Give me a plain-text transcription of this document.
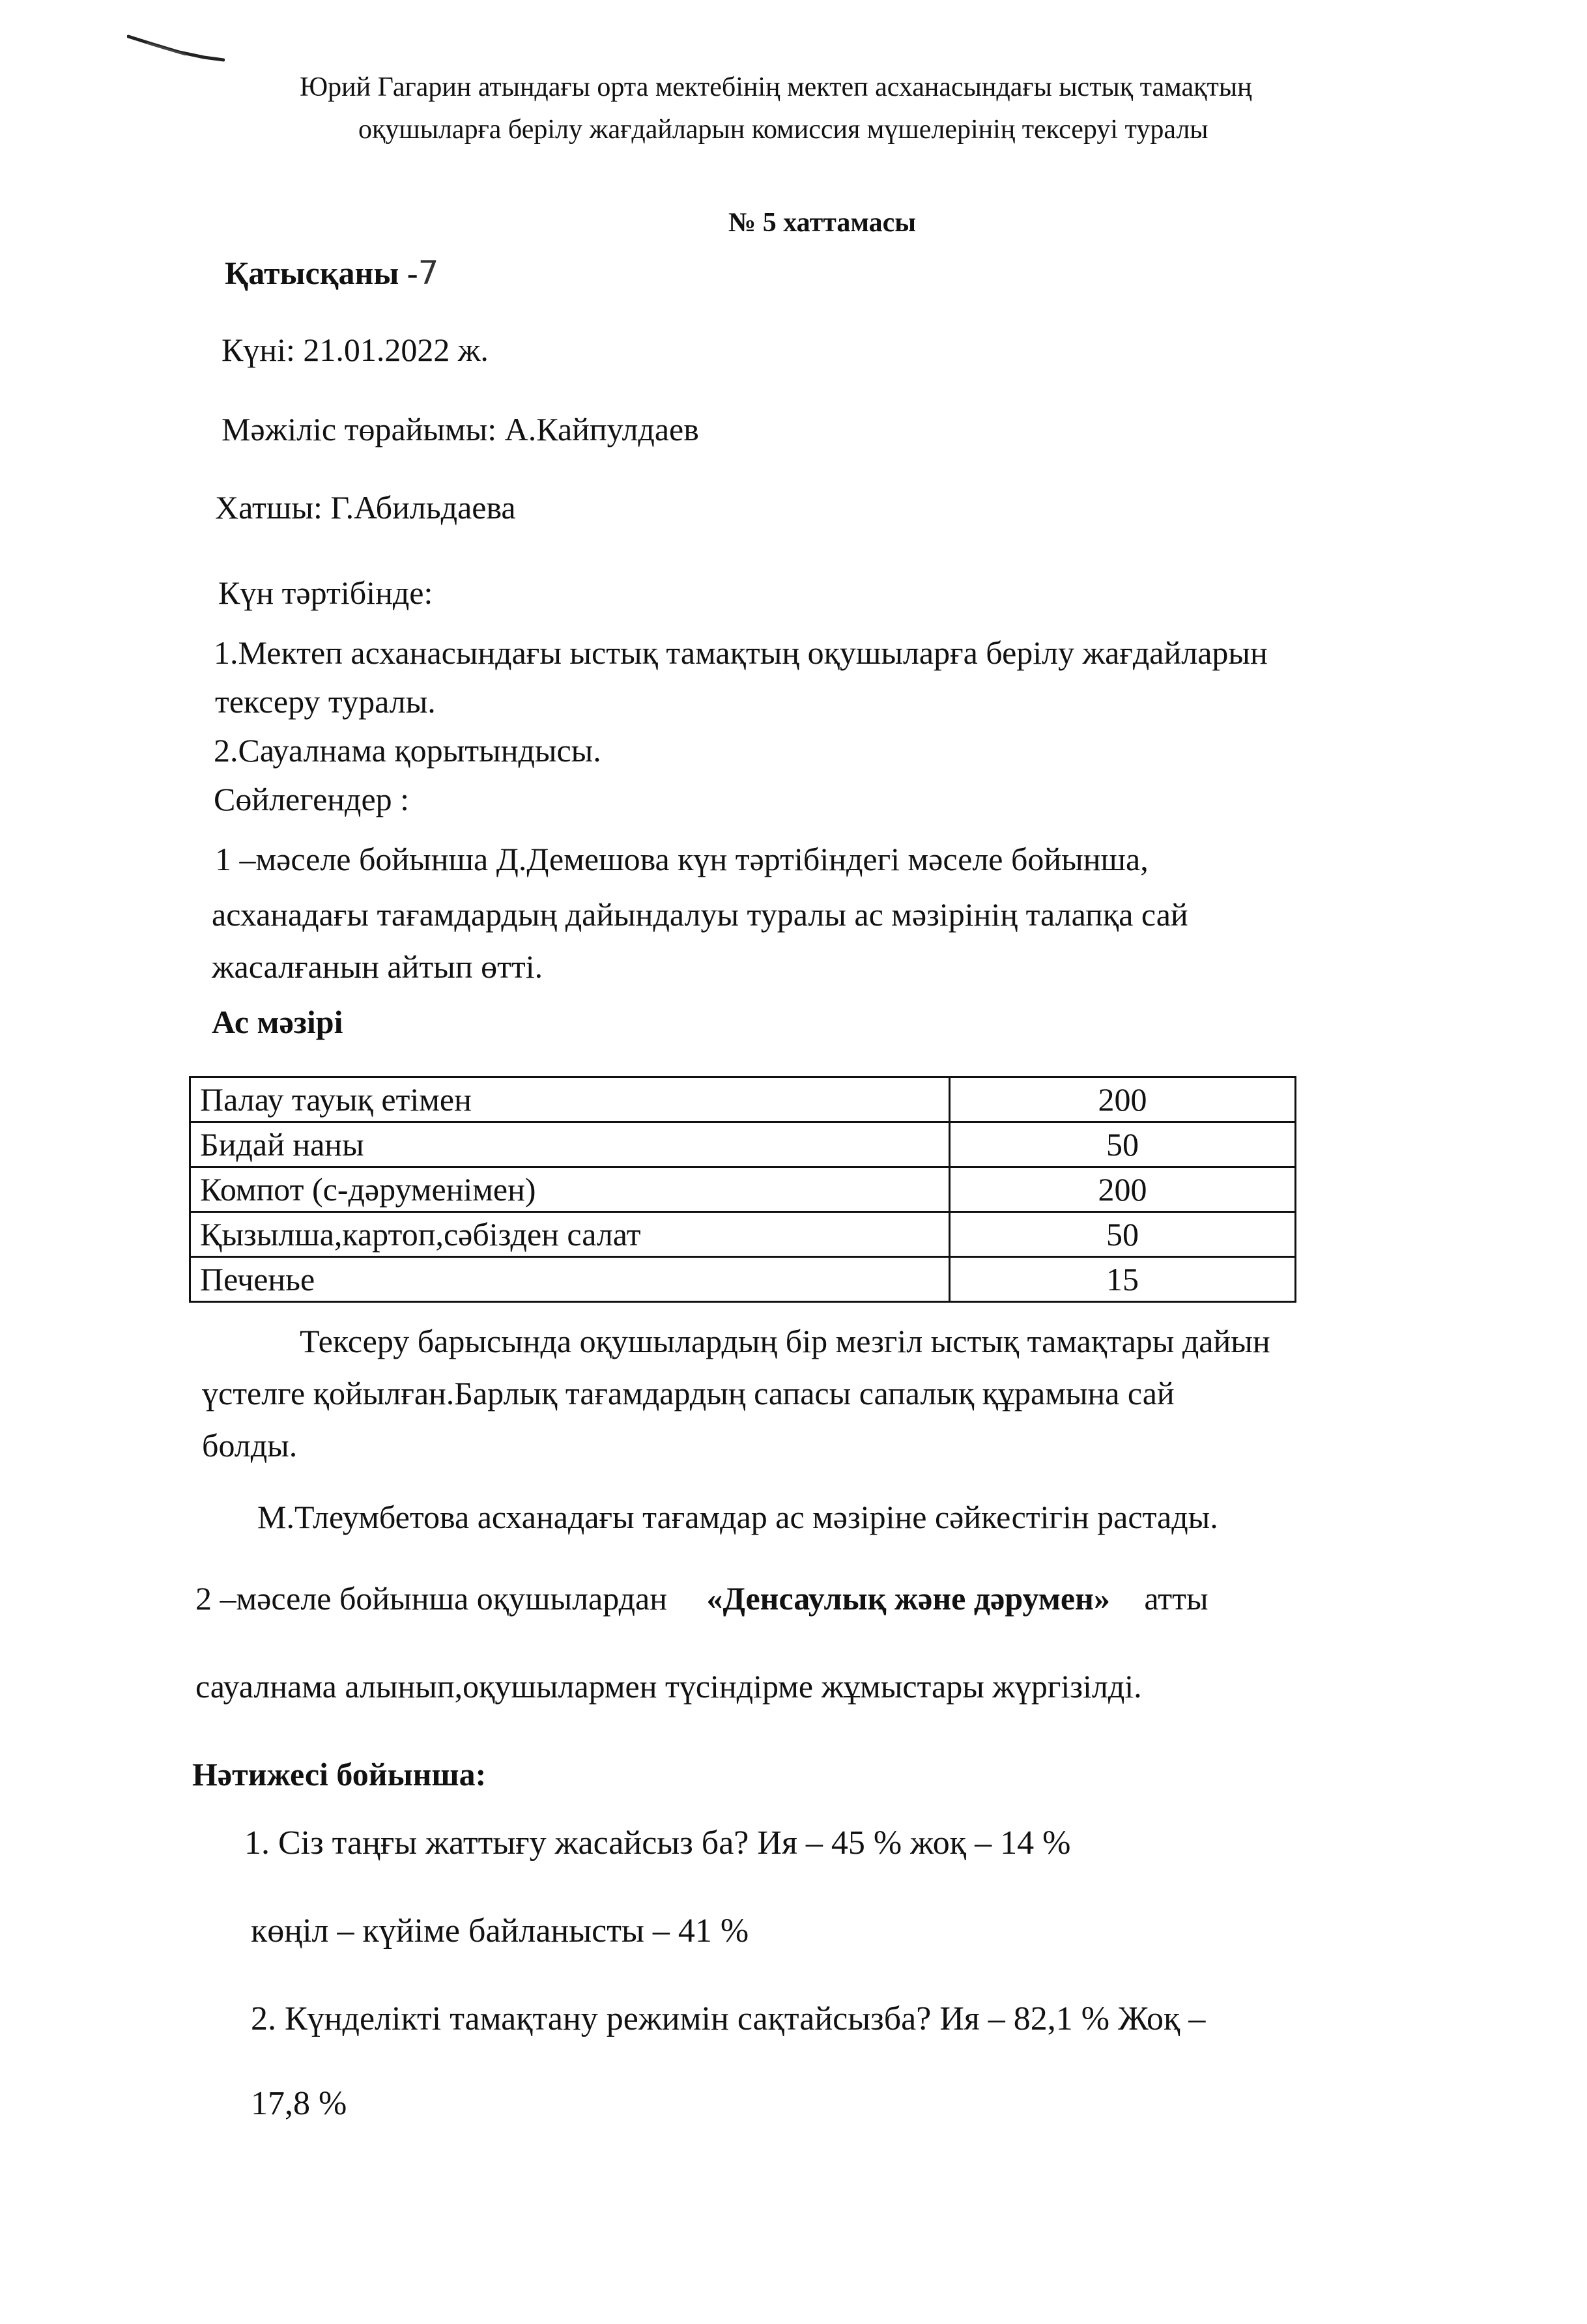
Юрий Гагарин атындағы орта мектебінің мектеп асханасындағы ыстық тамақтың
оқушыларға берілу жағдайларын комиссия мүшелерінің тексеруі туралы
№ 5 хаттамасы
Қатысқаны -7
Күні: 21.01.2022 ж.
Мәжіліс төрайымы: А.Кайпулдаев
Хатшы: Г.Абильдаева
Күн тәртібінде:
1.Мектеп асханасындағы ыстық тамақтың оқушыларға берілу жағдайларын
тексеру туралы.
2.Сауалнама қорытындысы.
Сөйлегендер :
1 –мәселе бойынша Д.Демешова күн тәртібіндегі мәселе бойынша,
асханадағы тағамдардың дайындалуы туралы ас мәзірінің талапқа сай
жасалғанын айтып өтті.
Ас мәзірі
Палау тауық етімен	200
Бидай наны	50
Компот (с-дәруменімен)	200
Қызылша,картоп,сәбізден салат	50
Печенье	15
Тексеру барысында оқушылардың бір мезгіл ыстық тамақтары дайын
үстелге қойылған.Барлық тағамдардың сапасы сапалық құрамына сай
болды.
М.Тлеумбетова асханадағы тағамдар ас мәзіріне сәйкестігін растады.
2 –мәселе бойынша оқушылардан «Денсаулық және дәрумен» атты
сауалнама алынып,оқушылармен түсіндірме жұмыстары жүргізілді.
Нәтижесі бойынша:
1. Сіз таңғы жаттығу жасайсыз ба? Ия – 45 % жоқ – 14 %
көңіл – күйіме байланысты – 41 %
2. Күнделікті тамақтану режимін сақтайсызба? Ия – 82,1 % Жоқ –
17,8 %
